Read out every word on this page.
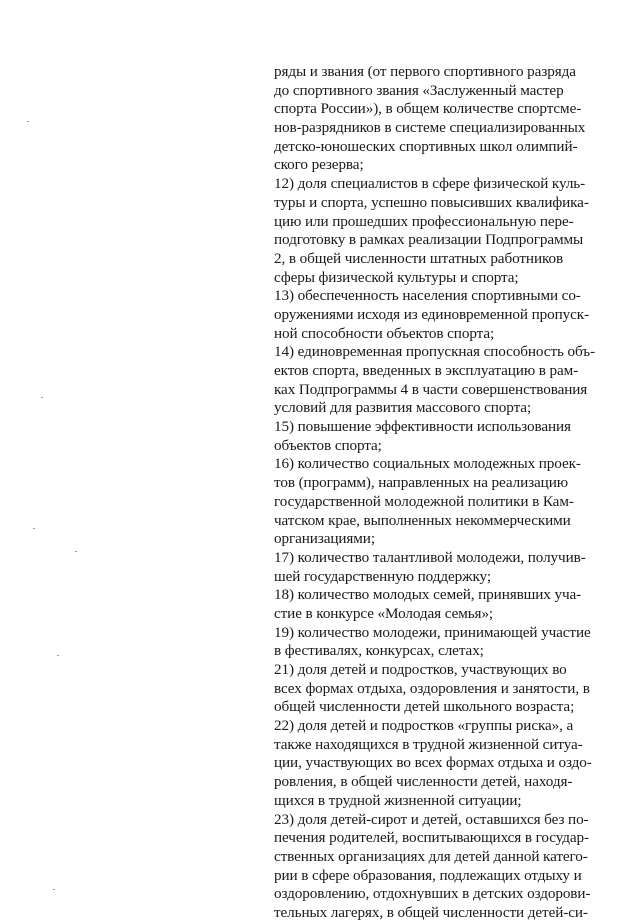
ряды и звания (от первого спортивного разряда
до спортивного звания «Заслуженный мастер
спорта России»), в общем количестве спортсме-
нов-разрядников в системе специализированных
детско-юношеских спортивных школ олимпий-
ского резерва;
12) доля специалистов в сфере физической куль-
туры и спорта, успешно повысивших квалифика-
цию или прошедших профессиональную пере-
подготовку в рамках реализации Подпрограммы
2, в общей численности штатных работников
сферы физической культуры и спорта;
13) обеспеченность населения спортивными со-
оружениями исходя из единовременной пропуск-
ной способности объектов спорта;
14) единовременная пропускная способность объ-
ектов спорта, введенных в эксплуатацию в рам-
ках Подпрограммы 4 в части совершенствования
условий для развития массового спорта;
15) повышение эффективности использования
объектов спорта;
16) количество социальных молодежных проек-
тов (программ), направленных на реализацию
государственной молодежной политики в Кам-
чатском крае, выполненных некоммерческими
организациями;
17) количество талантливой молодежи, получив-
шей государственную поддержку;
18) количество молодых семей, принявших уча-
стие в конкурсе «Молодая семья»;
19) количество молодежи, принимающей участие
в фестивалях, конкурсах, слетах;
21) доля детей и подростков, участвующих во
всех формах отдыха, оздоровления и занятости, в
общей численности детей школьного возраста;
22) доля детей и подростков «группы риска», а
также находящихся в трудной жизненной ситуа-
ции, участвующих во всех формах отдыха и оздо-
ровления, в общей численности детей, находя-
щихся в трудной жизненной ситуации;
23) доля детей-сирот и детей, оставшихся без по-
печения родителей, воспитывающихся в государ-
ственных организациях для детей данной катего-
рии в сфере образования, подлежащих отдыху и
оздоровлению, отдохнувших в детских оздорови-
тельных лагерях, в общей численности детей-си-
